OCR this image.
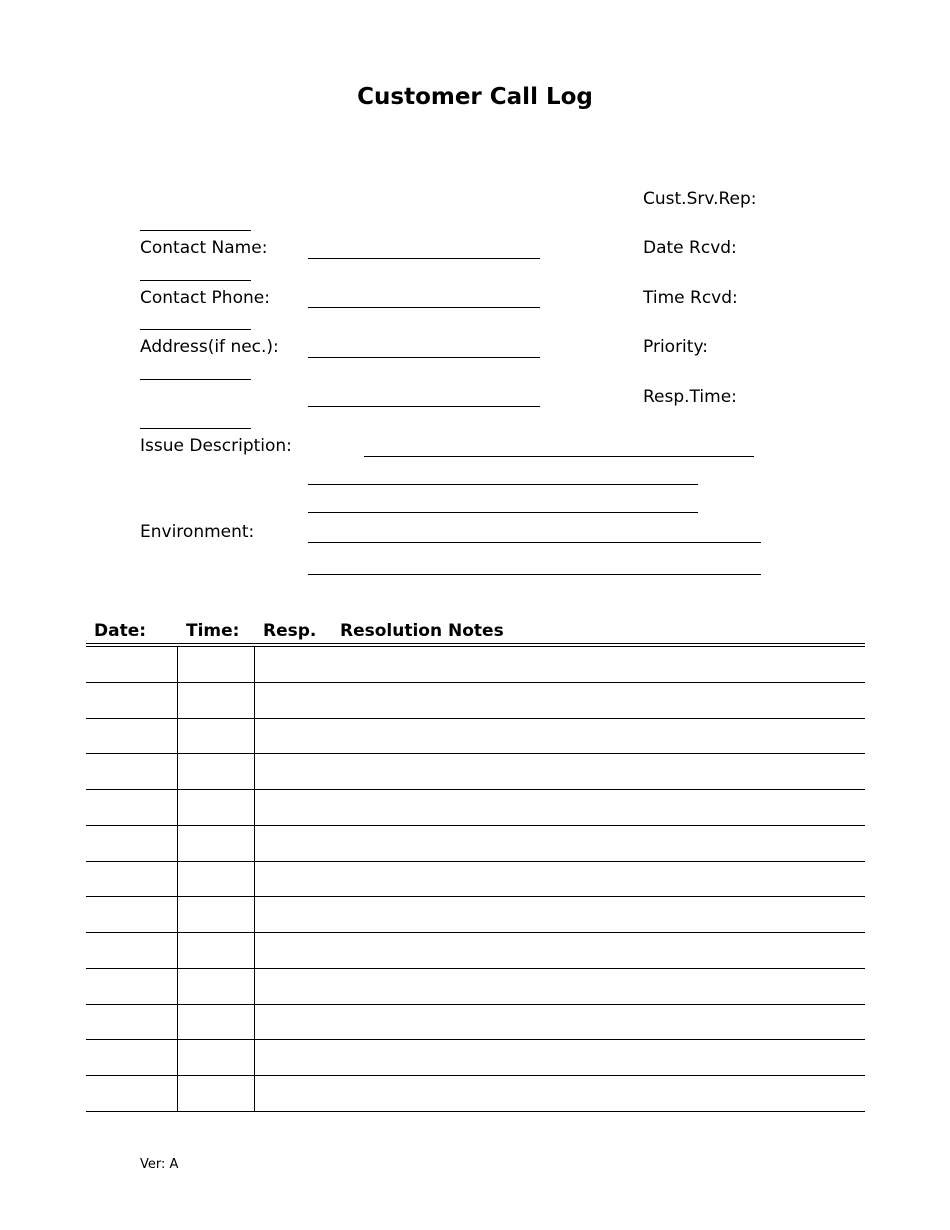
Customer Call Log
Cust.Srv.Rep:
Date Rcvd:
Time Rcvd:
Priority:
Resp.Time:
Contact Name:
Contact Phone:
Address(if nec.):
Issue Description:
Environment:
Date: Time: Resp. Resolution Notes
Ver: A
